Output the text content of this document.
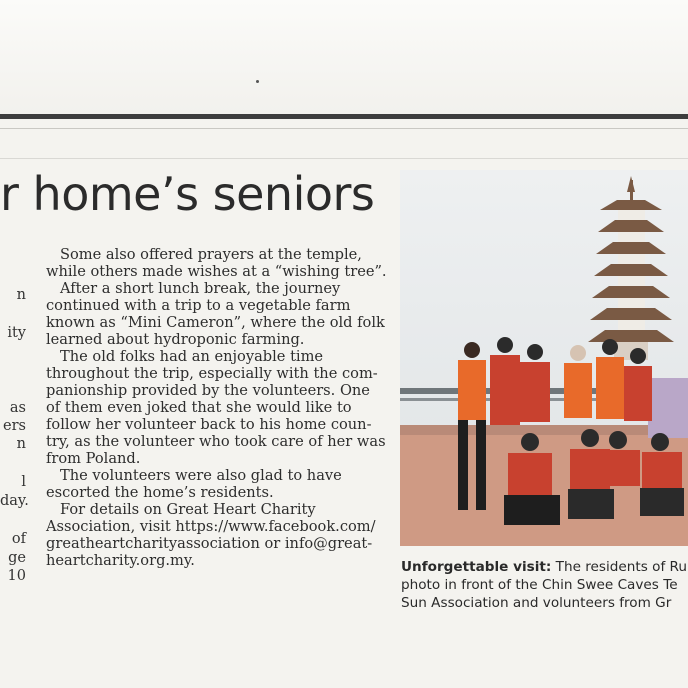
r home’s seniors
n
ity
as
ers
n
l
day.
of
ge
10
Some also offered prayers at the temple,
while others made wishes at a “wishing tree”.
After a short lunch break, the journey
continued with a trip to a vegetable farm
known as “Mini Cameron”, where the old folk
learned about hydroponic farming.
The old folks had an enjoyable time
throughout the trip, especially with the com-
panionship provided by the volunteers. One
of them even joked that she would like to
follow her volunteer back to his home coun-
try, as the volunteer who took care of her was
from Poland.
The volunteers were also glad to have
escorted the home’s residents.
For details on Great Heart Charity
Association, visit https://www.facebook.com/
greatheartcharityassociation or info@great-
heartcharity.org.my.	Unforgettable visit: The residents of Ru
photo in front of the Chin Swee Caves Te
Sun Association and volunteers from Gr
